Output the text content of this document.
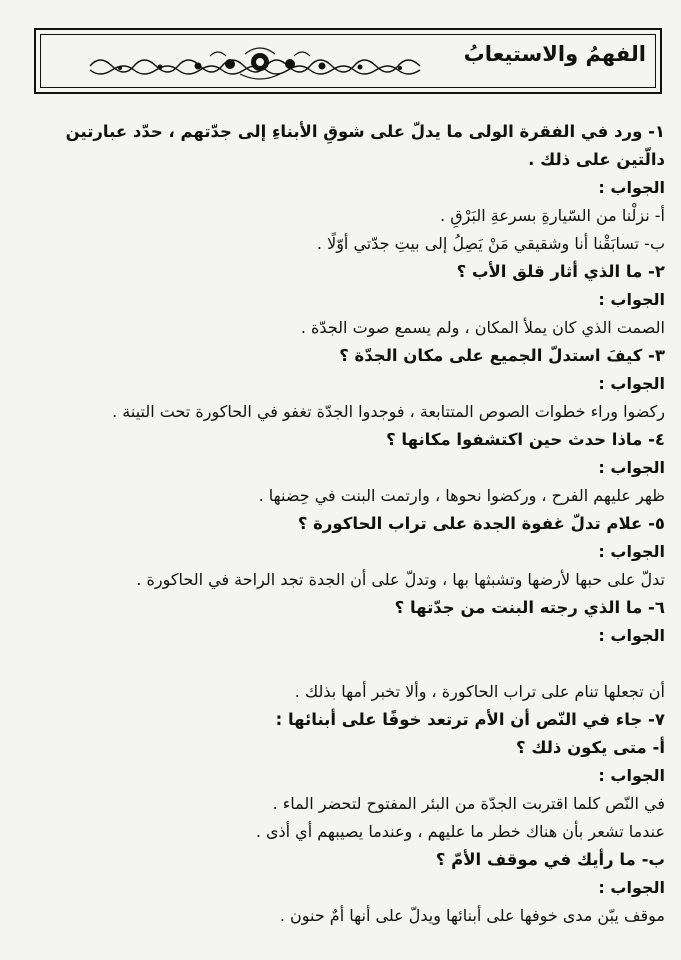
الفهمُ والاستيعابُ
١- ورد في الفقرة الولى ما يدلّ على شوقِ الأبناءِ إلى جدّتهم ، حدّد عبارتين دالّتين على ذلك .
الجواب :
أ- نزلْنا من السّيارةِ بسرعةِ البَرْقِ .
ب- تسابَقْنا أنا وشقيقي مَنْ يَصِلُ إلى بيتِ جدّتي أوّلًا .
٢- ما الذي أثار قلق الأب ؟
الجواب :
الصمت الذي كان يملأ المكان ، ولم يسمع صوت الجدّة .
٣- كيفَ استدلّ الجميع على مكان الجدّة ؟
الجواب :
ركضوا وراء خطوات الصوص المتتابعة ، فوجدوا الجدّة تغفو في الحاكورة تحت التينة .
٤- ماذا حدث حين اكتشفوا مكانها ؟
الجواب :
ظهر عليهم الفرح ، وركضوا نحوها ، وارتمت البنت في حِضنها .
٥- علام تدلّ غفوة الجدة على تراب الحاكورة ؟
الجواب :
تدلّ على حبها لأرضها وتشبثها بها ، وتدلّ على أن الجدة تجد الراحة في الحاكورة .
٦- ما الذي رجته البنت من جدّتها ؟
الجواب :
أن تجعلها تنام على تراب الحاكورة ، وألا تخبر أمها بذلك .
٧- جاء في النّص أن الأم ترتعد خوفًا على أبنائها :
أ- متى يكون ذلك ؟
الجواب :
في النّص كلما اقتربت الجدّة من البئر المفتوح لتحضر الماء .
عندما تشعر بأن هناك خطر ما عليهم ، وعندما يصيبهم أي أذى .
ب- ما رأيك في موقف الأمّ ؟
الجواب :
موقف يبّن مدى خوفها على أبنائها ويدلّ على أنها أمٌ حنون .
